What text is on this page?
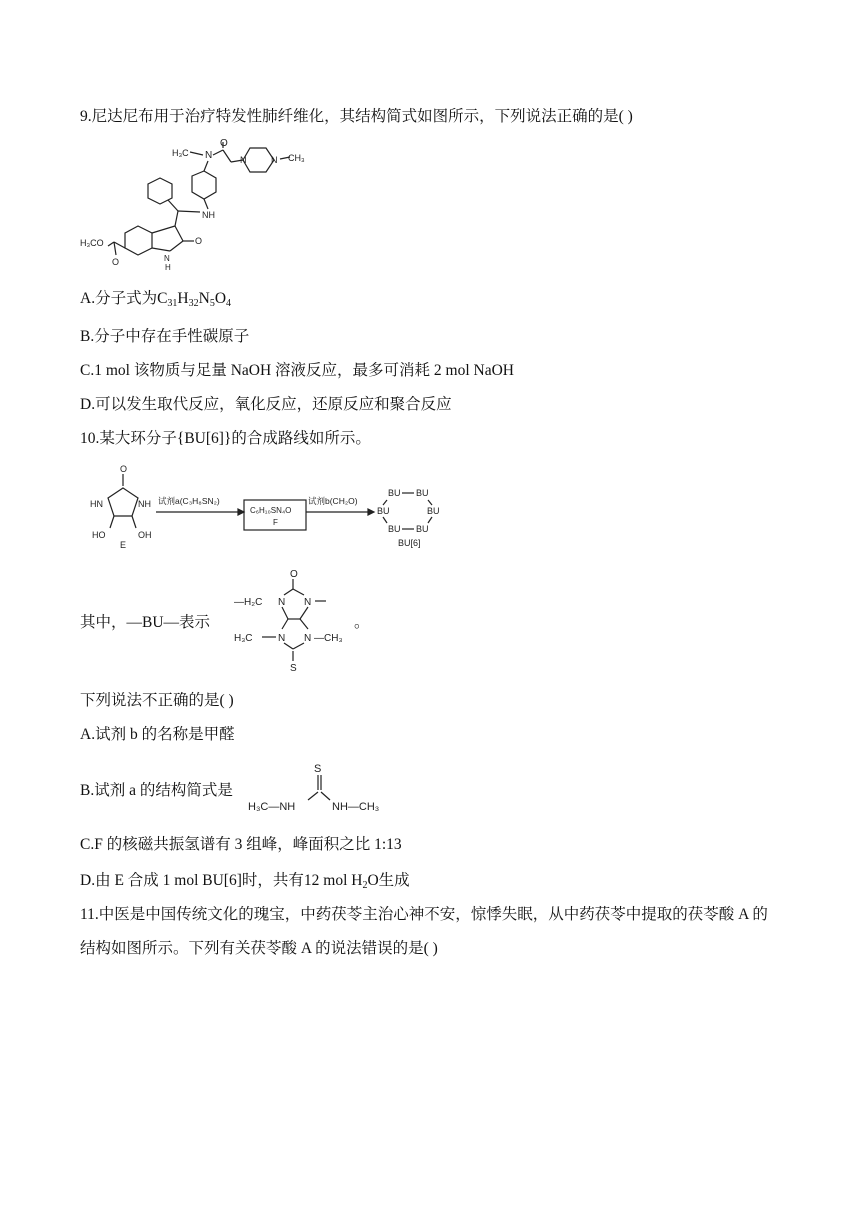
9.尼达尼布用于治疗特发性肺纤维化，其结构简式如图所示，下列说法正确的是( )
H₃C N
O
N	N CH₃
NH
O
N
H
H₃CO
O
A.分子式为$C_{31}H_{32}N_5O_4$
B.分子中存在手性碳原子
C.1 mol 该物质与足量 NaOH 溶液反应，最多可消耗 2 mol NaOH
D.可以发生取代反应，氧化反应，还原反应和聚合反应
10.某大环分子{BU[6]}的合成路线如所示。
O
HN	NH
HO	OH
E
试剂a(C₃H₈SN₂)
C₆H₁₀SN₄O
F
试剂b(CH₂O)
BU BU
BU	BU
BU BU
BU[6]
其中，—BU—表示
O
—H₂C N N
H₃C	N N —CH₃
S
。
下列说法不正确的是( )
A.试剂 b 的名称是甲醛
B.试剂 a 的结构简式是
S
H₃C—NH	NH—CH₃
C.F 的核磁共振氢谱有 3 组峰，峰面积之比 1:13
D.由 E 合成 1 mol BU[6]时，共有12 mol $H_2O$生成
11.中医是中国传统文化的瑰宝，中药茯苓主治心神不安，惊悸失眠，从中药茯苓中提取的茯苓酸 A 的结构如图所示。下列有关茯苓酸 A 的说法错误的是( )
